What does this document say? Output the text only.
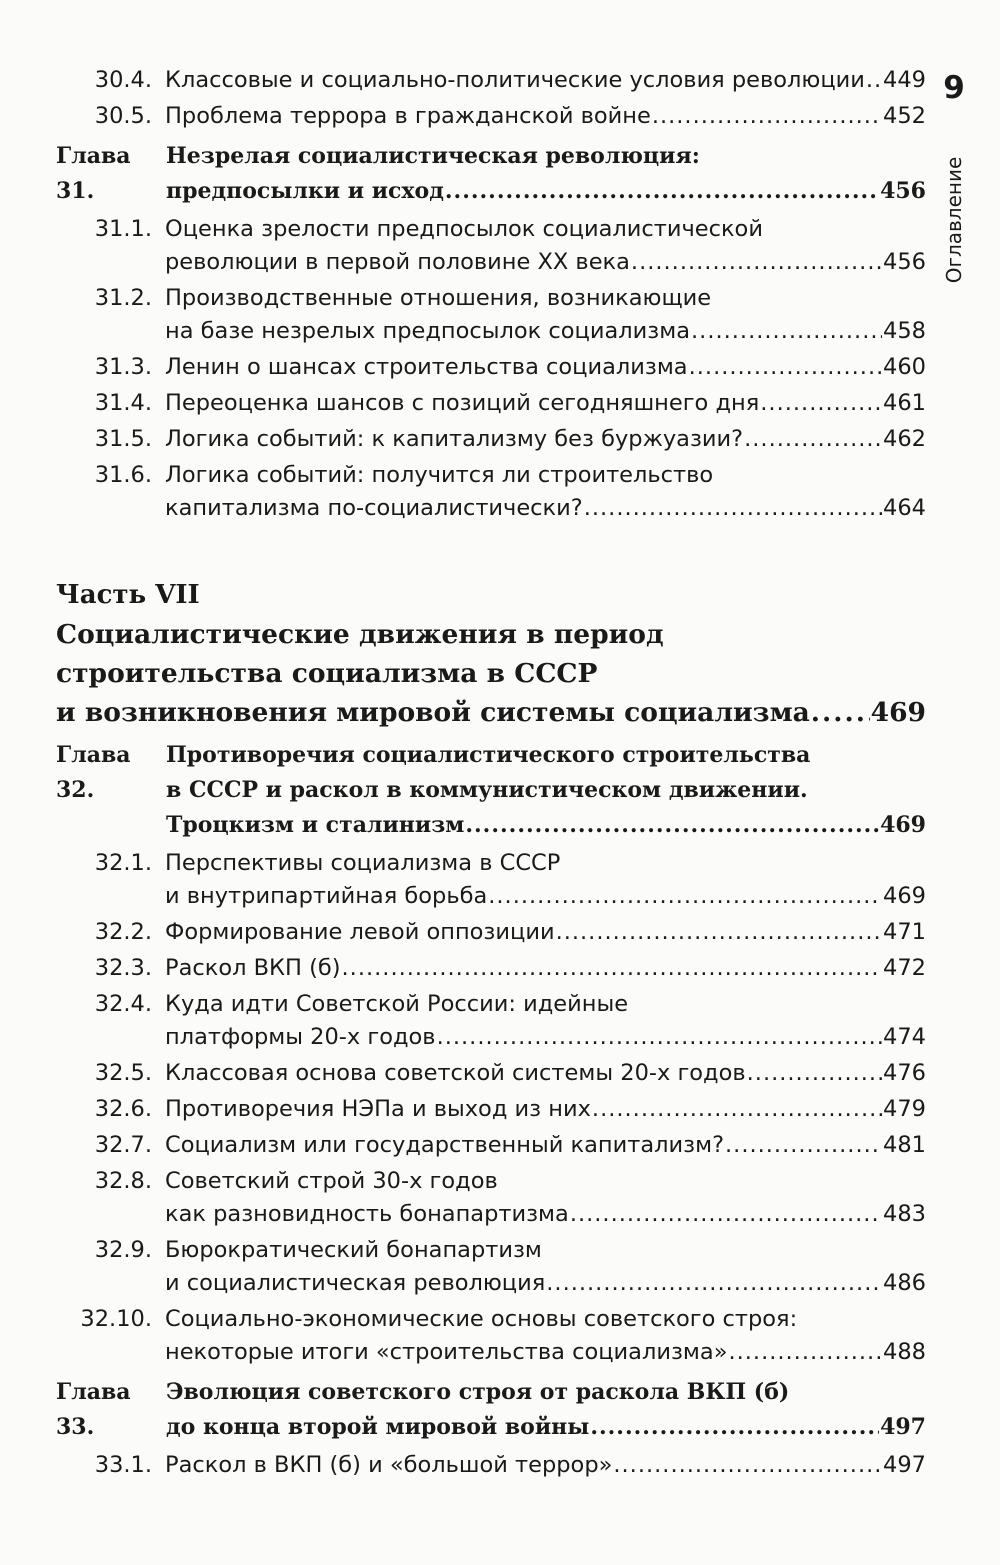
9
Оглавление
30.4. Классовые и социально-политические условия революции ..... 449
30.5. Проблема террора в гражданской войне .....	452
Глава 31.
Незрелая социалистическая революция:
предпосылки и исход .....	456
31.1. Оценка зрелости предпосылок социалистической
революции в первой половине XX века .....	456
31.2. Производственные отношения, возникающие
на базе незрелых предпосылок социализма .....	458
31.3. Ленин о шансах строительства социализма .....	460
31.4. Переоценка шансов с позиций сегодняшнего дня .....	461
31.5. Логика событий: к капитализму без буржуазии? .....	462
31.6. Логика событий: получится ли строительство
капитализма по-социалистически? .....	464
Часть VII
Социалистические движения в период
строительства социализма в СССР
и возникновения мировой системы социализма ..... 469
Глава 32.
Противоречия социалистического строительства
в СССР и раскол в коммунистическом движении.
Троцкизм и сталинизм .....	469
32.1. Перспективы социализма в СССР
и внутрипартийная борьба .....	469
32.2. Формирование левой оппозиции .....	471
32.3. Раскол ВКП (б) .....	472
32.4. Куда идти Советской России: идейные
платформы 20-х годов .....	474
32.5. Классовая основа советской системы 20-х годов .....	476
32.6. Противоречия НЭПа и выход из них .....	479
32.7. Социализм или государственный капитализм? .....	481
32.8. Советский строй 30-х годов
как разновидность бонапартизма .....	483
32.9. Бюрократический бонапартизм
и социалистическая революция .....	486
32.10. Социально-экономические основы советского строя:
некоторые итоги «строительства социализма» .....	488
Глава 33.
Эволюция советского строя от раскола ВКП (б)
до конца второй мировой войны .....	497
33.1. Раскол в ВКП (б) и «большой террор» .....	497
